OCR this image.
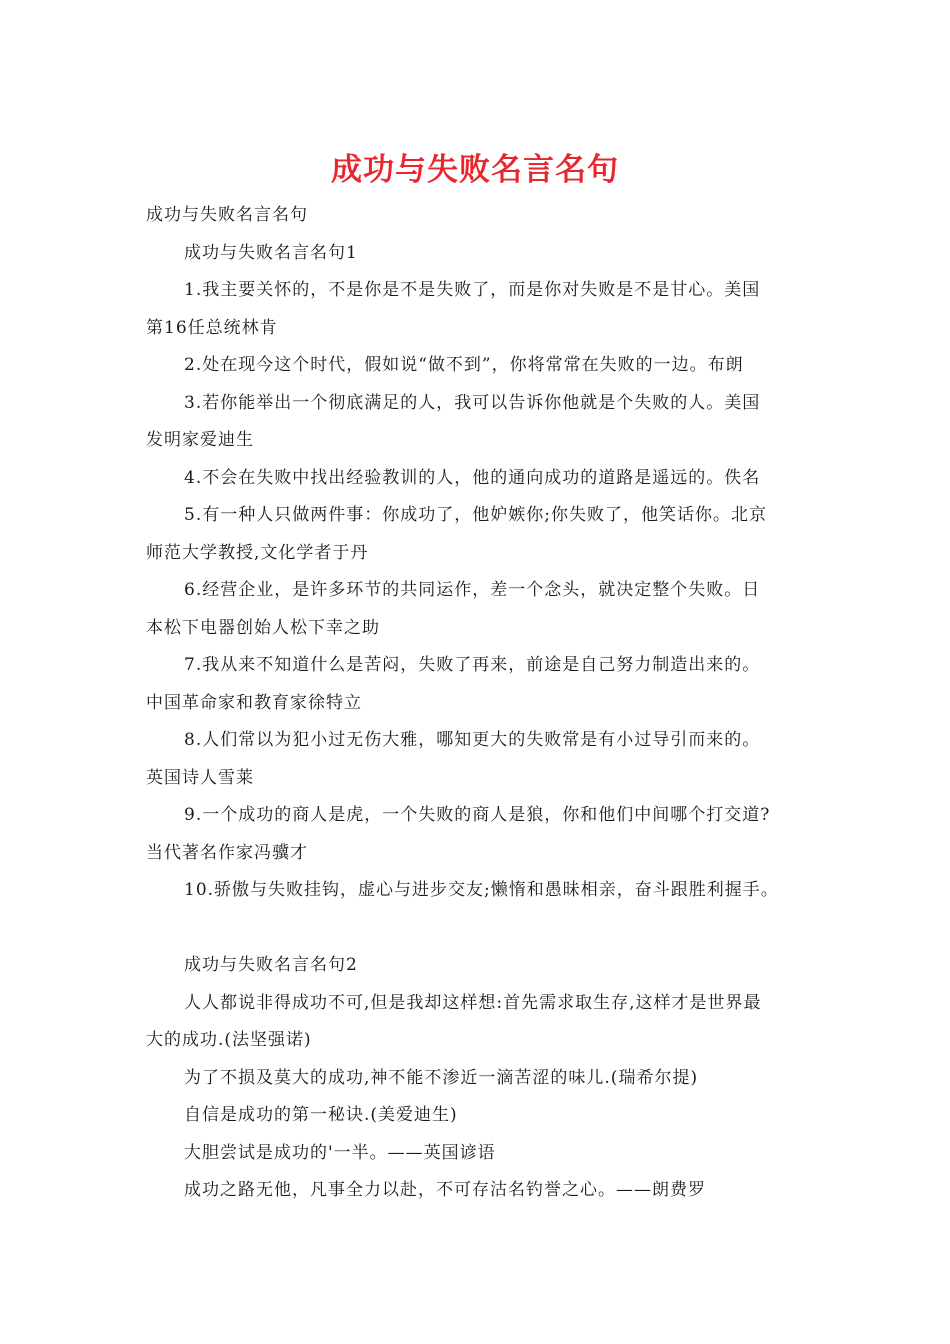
成功与失败名言名句
成功与失败名言名句
成功与失败名言名句1
1.我主要关怀的，不是你是不是失败了，而是你对失败是不是甘心。美国
第16任总统林肯
2.处在现今这个时代，假如说“做不到”，你将常常在失败的一边。布朗
3.若你能举出一个彻底满足的人，我可以告诉你他就是个失败的人。美国
发明家爱迪生
4.不会在失败中找出经验教训的人，他的通向成功的道路是遥远的。佚名
5.有一种人只做两件事：你成功了，他妒嫉你;你失败了，他笑话你。北京
师范大学教授,文化学者于丹
6.经营企业，是许多环节的共同运作，差一个念头，就决定整个失败。日
本松下电器创始人松下幸之助
7.我从来不知道什么是苦闷，失败了再来，前途是自己努力制造出来的。
中国革命家和教育家徐特立
8.人们常以为犯小过无伤大雅，哪知更大的失败常是有小过导引而来的。
英国诗人雪莱
9.一个成功的商人是虎，一个失败的商人是狼，你和他们中间哪个打交道?
当代著名作家冯骥才
10.骄傲与失败挂钩，虚心与进步交友;懒惰和愚昧相亲，奋斗跟胜利握手。
成功与失败名言名句2
人人都说非得成功不可,但是我却这样想:首先需求取生存,这样才是世界最
大的成功.(法坚强诺)
为了不损及莫大的成功,神不能不渗近一滴苦涩的味儿.(瑞希尔提)
自信是成功的第一秘诀.(美爱迪生)
大胆尝试是成功的'一半。——英国谚语
成功之路无他，凡事全力以赴，不可存沽名钓誉之心。——朗费罗
